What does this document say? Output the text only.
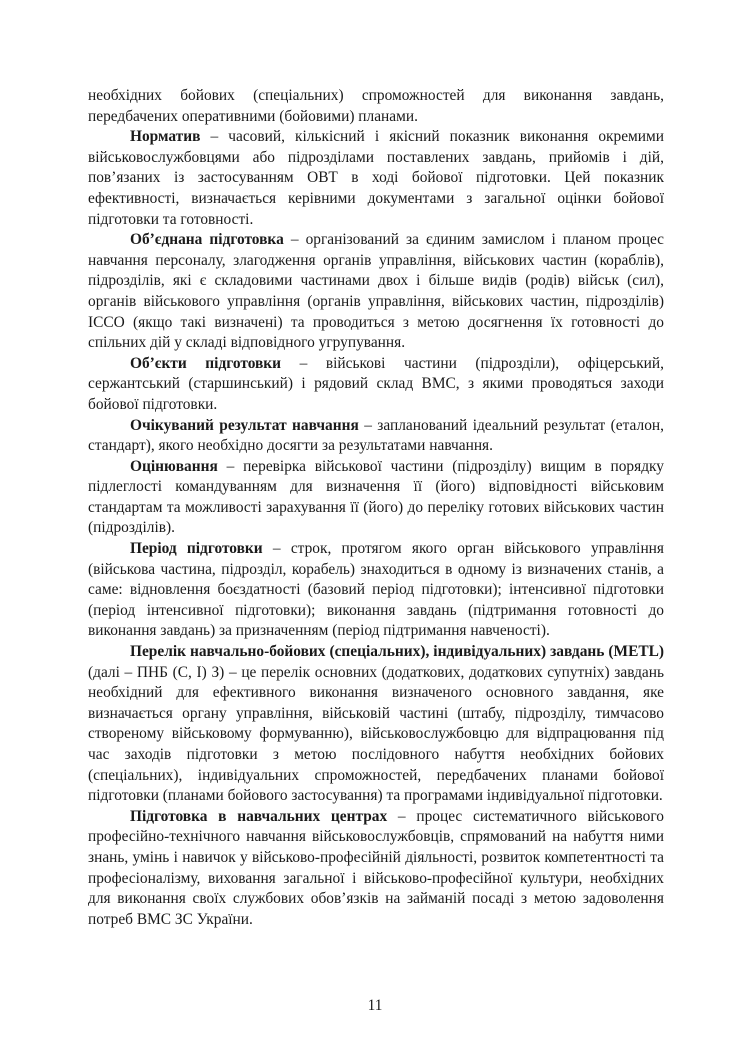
необхідних бойових (спеціальних) спроможностей для виконання завдань, передбачених оперативними (бойовими) планами.

Норматив – часовий, кількісний і якісний показник виконання окремими військовослужбовцями або підрозділами поставлених завдань, прийомів і дій, пов’язаних із застосуванням ОВТ в ході бойової підготовки. Цей показник ефективності, визначається керівними документами з загальної оцінки бойової підготовки та готовності.

Об’єднана підготовка – організований за єдиним замислом і планом процес навчання персоналу, злагодження органів управління, військових частин (кораблів), підрозділів, які є складовими частинами двох і більше видів (родів) військ (сил), органів військового управління (органів управління, військових частин, підрозділів) ІССО (якщо такі визначені) та проводиться з метою досягнення їх готовності до спільних дій у складі відповідного угрупування.

Об’єкти підготовки – військові частини (підрозділи), офіцерський, сержантський (старшинський) і рядовий склад ВМС, з якими проводяться заходи бойової підготовки.

Очікуваний результат навчання – запланований ідеальний результат (еталон, стандарт), якого необхідно досягти за результатами навчання.

Оцінювання – перевірка військової частини (підрозділу) вищим в порядку підлеглості командуванням для визначення її (його) відповідності військовим стандартам та можливості зарахування її (його) до переліку готових військових частин (підрозділів).

Період підготовки – строк, протягом якого орган військового управління (військова частина, підрозділ, корабель) знаходиться в одному із визначених станів, а саме: відновлення боєздатності (базовий період підготовки); інтенсивної підготовки (період інтенсивної підготовки); виконання завдань (підтримання готовності до виконання завдань) за призначенням (період підтримання навченості).

Перелік навчально-бойових (спеціальних), індивідуальних) завдань (METL) (далі – ПНБ (С, І) З) – це перелік основних (додаткових, додаткових супутніх) завдань необхідний для ефективного виконання визначеного основного завдання, яке визначається органу управління, військовій частині (штабу, підрозділу, тимчасово створеному військовому формуванню), військовослужбовцю для відпрацювання під час заходів підготовки з метою послідовного набуття необхідних бойових (спеціальних), індивідуальних спроможностей, передбачених планами бойової підготовки (планами бойового застосування) та програмами індивідуальної підготовки.

Підготовка в навчальних центрах – процес систематичного військового професійно-технічного навчання військовослужбовців, спрямований на набуття ними знань, умінь і навичок у військово-професійній діяльності, розвиток компетентності та професіоналізму, виховання загальної і військово-професійної культури, необхідних для виконання своїх службових обов’язків на займаній посаді з метою задоволення потреб ВМС ЗС України.

11
